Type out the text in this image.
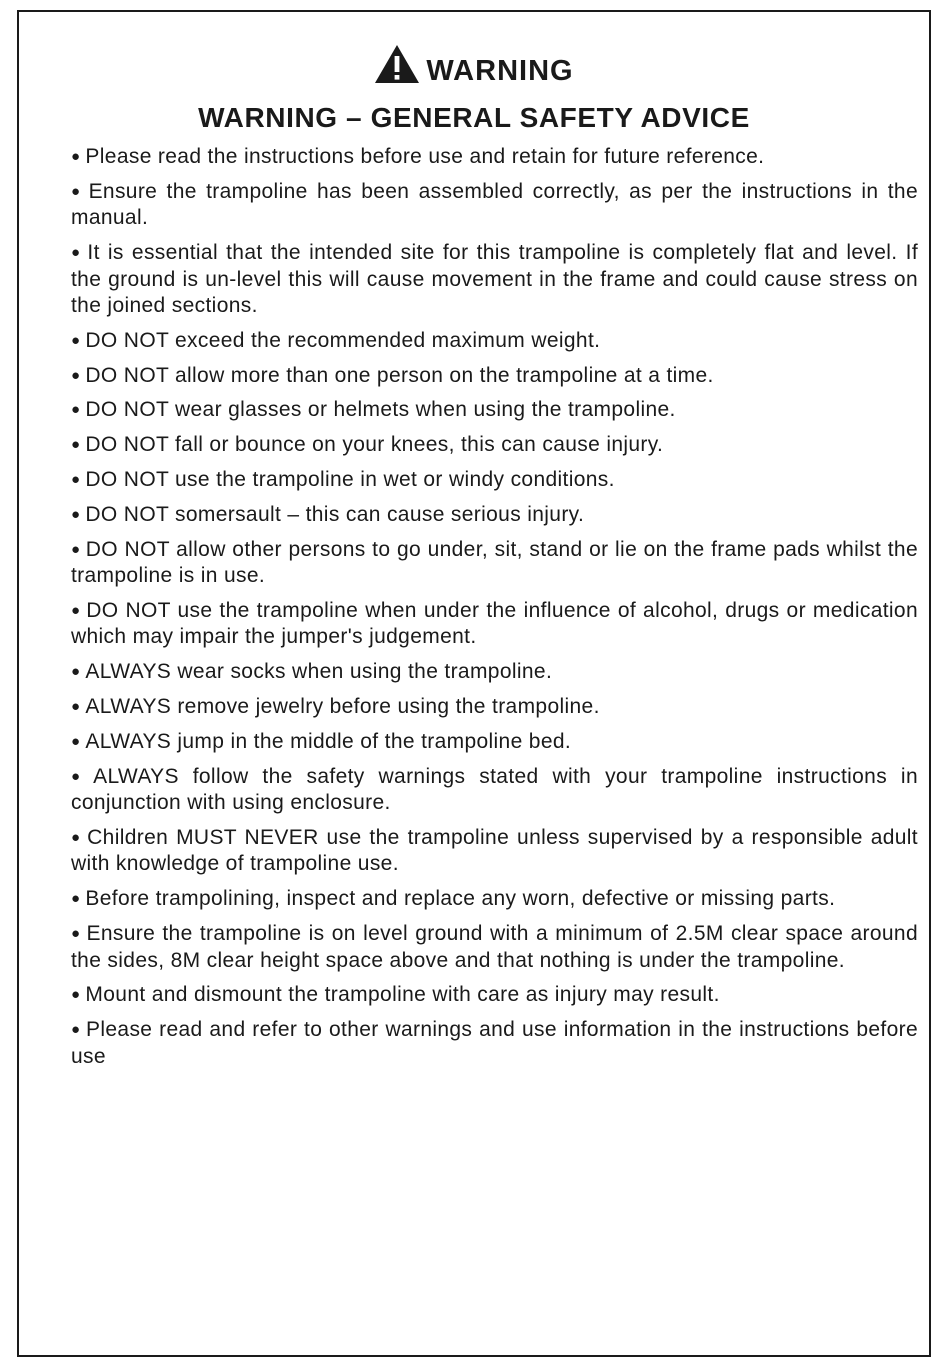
WARNING
WARNING – GENERAL SAFETY ADVICE
● Please read the instructions before use and retain for future reference.
● Ensure the trampoline has been assembled correctly, as per the instructions in the manual.
● It is essential that the intended site for this trampoline is completely flat and level. If the ground is un-level this will cause movement in the frame and could cause stress on the joined sections.
● DO NOT exceed the recommended maximum weight.
● DO NOT allow more than one person on the trampoline at a time.
● DO NOT wear glasses or helmets when using the trampoline.
● DO NOT fall or bounce on your knees, this can cause injury.
● DO NOT use the trampoline in wet or windy conditions.
● DO NOT somersault – this can cause serious injury.
● DO NOT allow other persons to go under, sit, stand or lie on the frame pads whilst the trampoline is in use.
● DO NOT use the trampoline when under the influence of alcohol, drugs or medication which may impair the jumper's judgement.
● ALWAYS wear socks when using the trampoline.
● ALWAYS remove jewelry before using the trampoline.
● ALWAYS jump in the middle of the trampoline bed.
● ALWAYS follow the safety warnings stated with your trampoline instructions in conjunction with using enclosure.
● Children MUST NEVER use the trampoline unless supervised by a responsible adult with knowledge of trampoline use.
● Before trampolining, inspect and replace any worn, defective or missing parts.
● Ensure the trampoline is on level ground with a minimum of 2.5M clear space around the sides, 8M clear height space above and that nothing is under the trampoline.
● Mount and dismount the trampoline with care as injury may result.
● Please read and refer to other warnings and use information in the instructions before use
